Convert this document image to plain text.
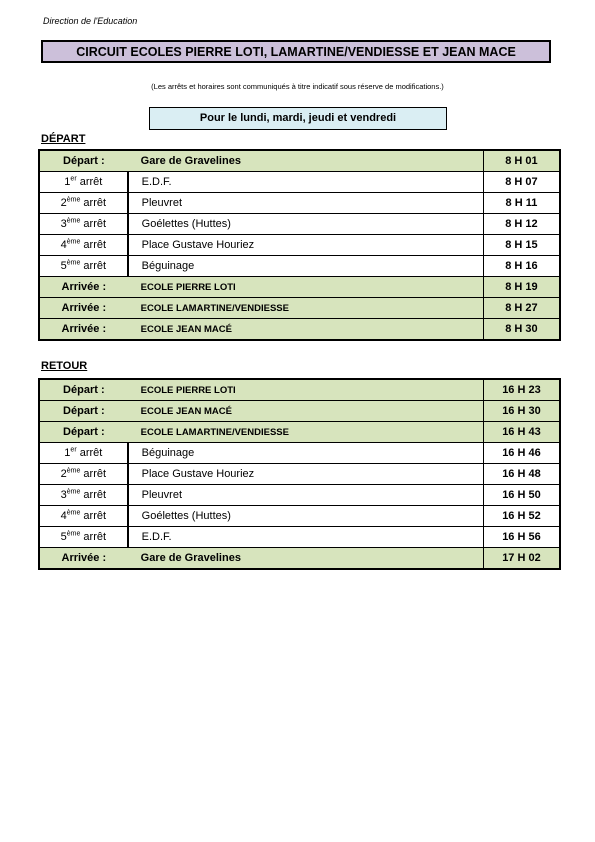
Direction de l'Education
CIRCUIT ECOLES PIERRE LOTI, LAMARTINE/VENDIESSE ET JEAN MACE
(Les arrêts et horaires sont communiqués à titre indicatif sous réserve de modifications.)
Pour le lundi, mardi, jeudi et vendredi
DÉPART
Départ :	Gare de Gravelines	8 H 01
1er arrêt	E.D.F.	8 H 07
2ème arrêt	Pleuvret	8 H 11
3ème arrêt	Goélettes (Huttes)	8 H 12
4ème arrêt	Place Gustave Houriez	8 H 15
5ème arrêt	Béguinage	8 H 16
Arrivée :	ECOLE PIERRE LOTI	8 H 19
Arrivée :	ECOLE LAMARTINE/VENDIESSE	8 H 27
Arrivée :	ECOLE JEAN MACÉ	8 H 30
RETOUR
Départ :	ECOLE PIERRE LOTI	16 H 23
Départ :	ECOLE JEAN MACÉ	16 H 30
Départ :	ECOLE LAMARTINE/VENDIESSE	16 H 43
1er arrêt	Béguinage	16 H 46
2ème arrêt	Place Gustave Houriez	16 H 48
3ème arrêt	Pleuvret	16 H 50
4ème arrêt	Goélettes (Huttes)	16 H 52
5ème arrêt	E.D.F.	16 H 56
Arrivée :	Gare de Gravelines	17 H 02
